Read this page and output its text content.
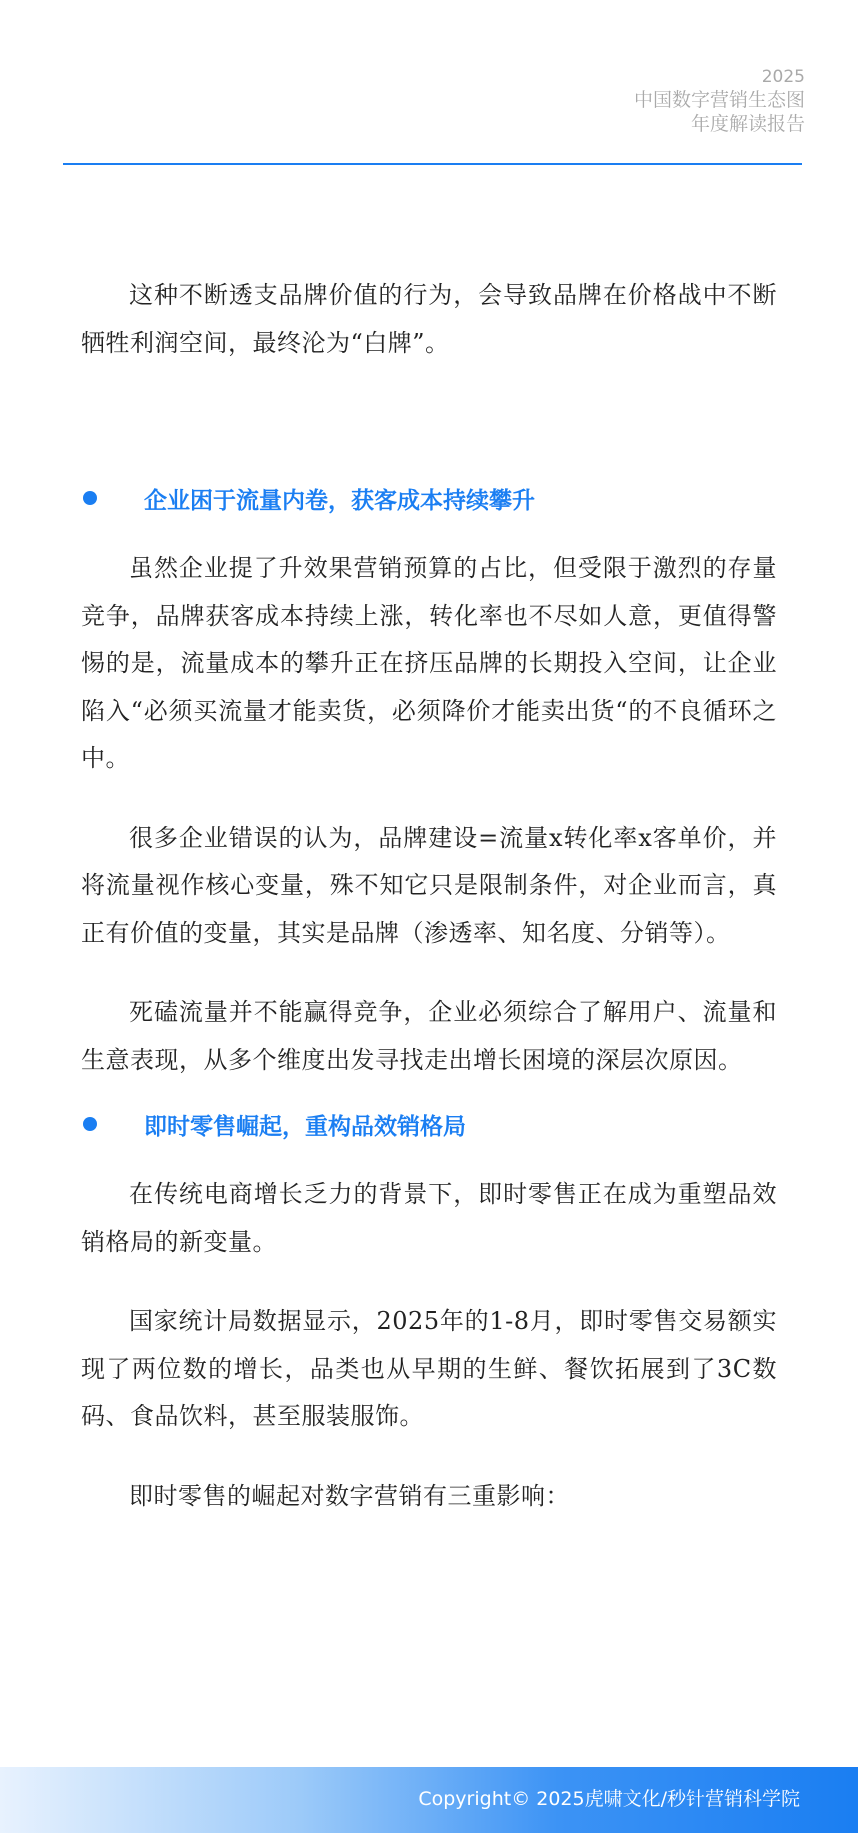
2025
中国数字营销生态图
年度解读报告

这种不断透支品牌价值的行为，会导致品牌在价格战中不断牺牲利润空间，最终沦为“白牌”。

企业困于流量内卷，获客成本持续攀升

虽然企业提了升效果营销预算的占比，但受限于激烈的存量竞争，品牌获客成本持续上涨，转化率也不尽如人意，更值得警惕的是，流量成本的攀升正在挤压品牌的长期投入空间，让企业陷入“必须买流量才能卖货，必须降价才能卖出货“的不良循环之中。

很多企业错误的认为，品牌建设=流量x转化率x客单价，并将流量视作核心变量，殊不知它只是限制条件，对企业而言，真正有价值的变量，其实是品牌（渗透率、知名度、分销等）。

死磕流量并不能赢得竞争，企业必须综合了解用户、流量和生意表现，从多个维度出发寻找走出增长困境的深层次原因。

即时零售崛起，重构品效销格局

在传统电商增长乏力的背景下，即时零售正在成为重塑品效销格局的新变量。

国家统计局数据显示，2025年的1-8月，即时零售交易额实现了两位数的增长，品类也从早期的生鲜、餐饮拓展到了3C数码、食品饮料，甚至服装服饰。

即时零售的崛起对数字营销有三重影响：

Copyright© 2025虎啸文化/秒针营销科学院
